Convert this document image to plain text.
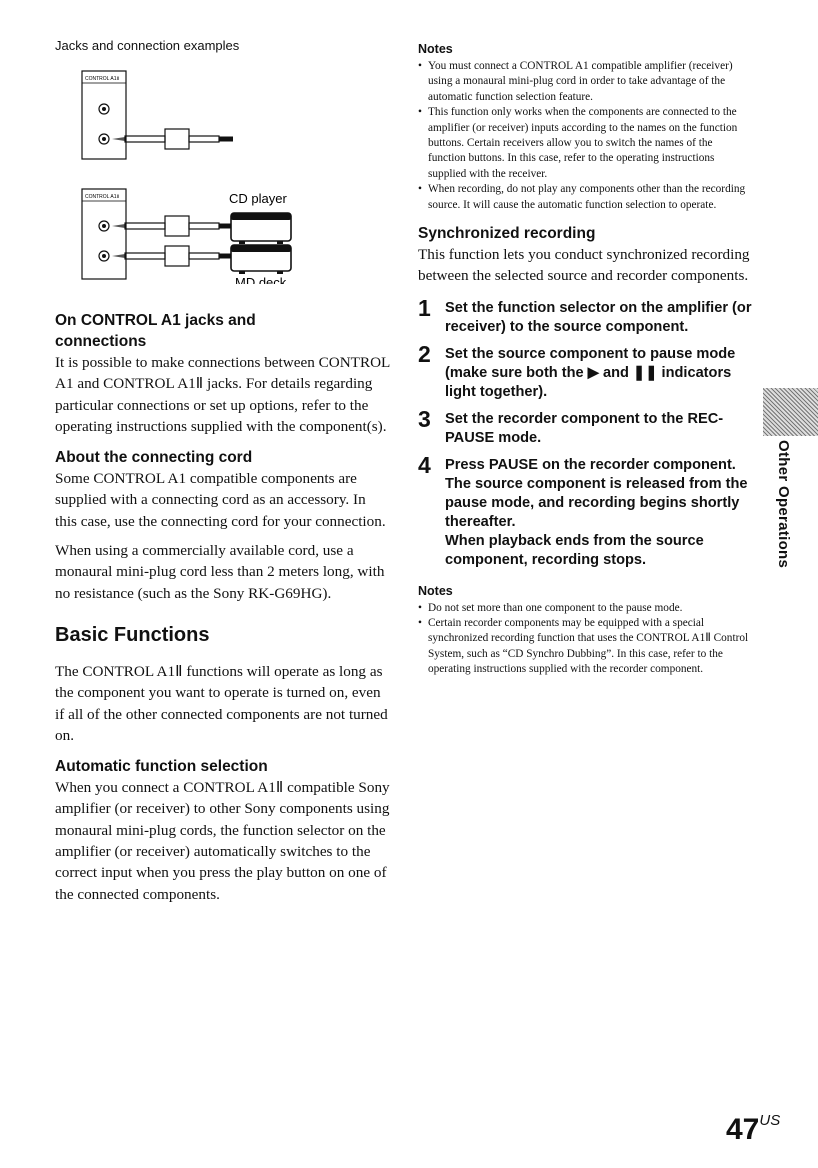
Jacks and connection examples

CONTROL A1Ⅱ
CONTROL A1Ⅱ	CD player
MD deck

On CONTROL A1 jacks and

connections

It is possible to make connections between CONTROL A1 and CONTROL A1Ⅱ jacks. For details regarding particular connections or set up options, refer to the operating instructions supplied with the component(s).

About the connecting cord

Some CONTROL A1 compatible components are supplied with a connecting cord as an accessory. In this case, use the connecting cord for your connection.

When using a commercially available cord, use a monaural mini-plug cord less than 2 meters long, with no resistance (such as the Sony RK-G69HG).

Basic Functions

The CONTROL A1Ⅱ functions will operate as long as the component you want to operate is turned on, even if all of the other connected components are not turned on.

Automatic function selection

When you connect a CONTROL A1Ⅱ compatible Sony amplifier (or receiver) to other Sony components using monaural mini-plug cords, the function selector on the amplifier (or receiver) automatically switches to the correct input when you press the play button on one of the connected components.

Notes

• You must connect a CONTROL A1 compatible amplifier (receiver) using a monaural mini-plug cord in order to take advantage of the automatic function selection feature.
• This function only works when the components are connected to the amplifier (or receiver) inputs according to the names on the function buttons. Certain receivers allow you to switch the names of the function buttons. In this case, refer to the operating instructions supplied with the receiver.
• When recording, do not play any components other than the recording source. It will cause the automatic function selection to operate.

Synchronized recording

This function lets you conduct synchronized recording between the selected source and recorder components.

1 Set the function selector on the amplifier (or receiver) to the source component.
2 Set the source component to pause mode (make sure both the ▶ and ❚❚ indicators light together).
3 Set the recorder component to the REC-PAUSE mode.
4 Press PAUSE on the recorder component.
The source component is released from the pause mode, and recording begins shortly thereafter.
When playback ends from the source component, recording stops.

Notes

• Do not set more than one component to the pause mode.
• Certain recorder components may be equipped with a special synchronized recording function that uses the CONTROL A1Ⅱ Control System, such as “CD Synchro Dubbing”. In this case, refer to the operating instructions supplied with the recorder component.
Other Operations
$47^{US}$
